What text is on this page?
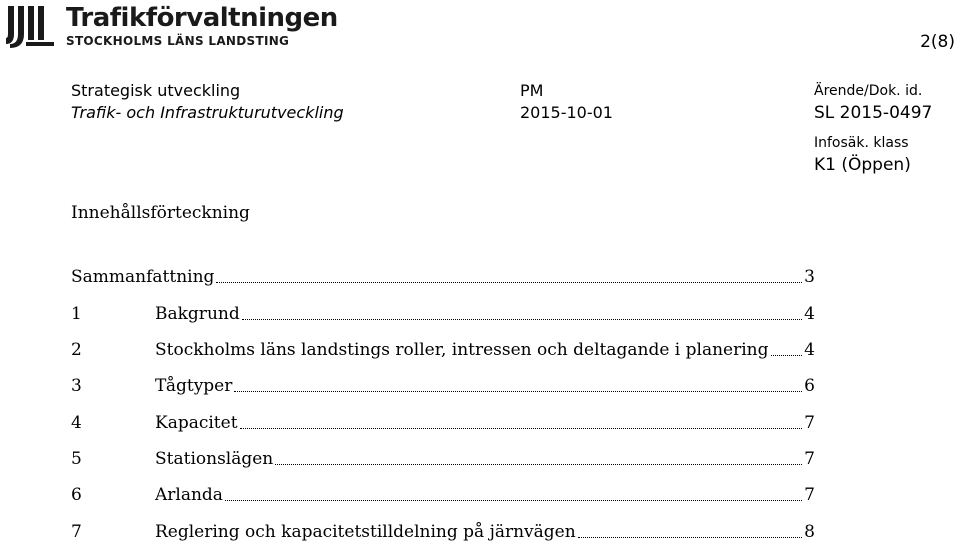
Trafikförvaltningen
STOCKHOLMS LÄNS LANDSTING	2(8)
Strategisk utveckling
Trafik- och Infrastrukturutveckling
PM
2015-10-01
Ärende/Dok. id.
SL 2015-0497
Infosäk. klass
K1 (Öppen)
Innehållsförteckning
Sammanfattning	3
1	Bakgrund	4
2	Stockholms läns landstings roller, intressen och deltagande i planering 4
3	Tågtyper	6
4	Kapacitet	7
5	Stationslägen	7
6	Arlanda	7
7	Reglering och kapacitetstilldelning på järnvägen	8
